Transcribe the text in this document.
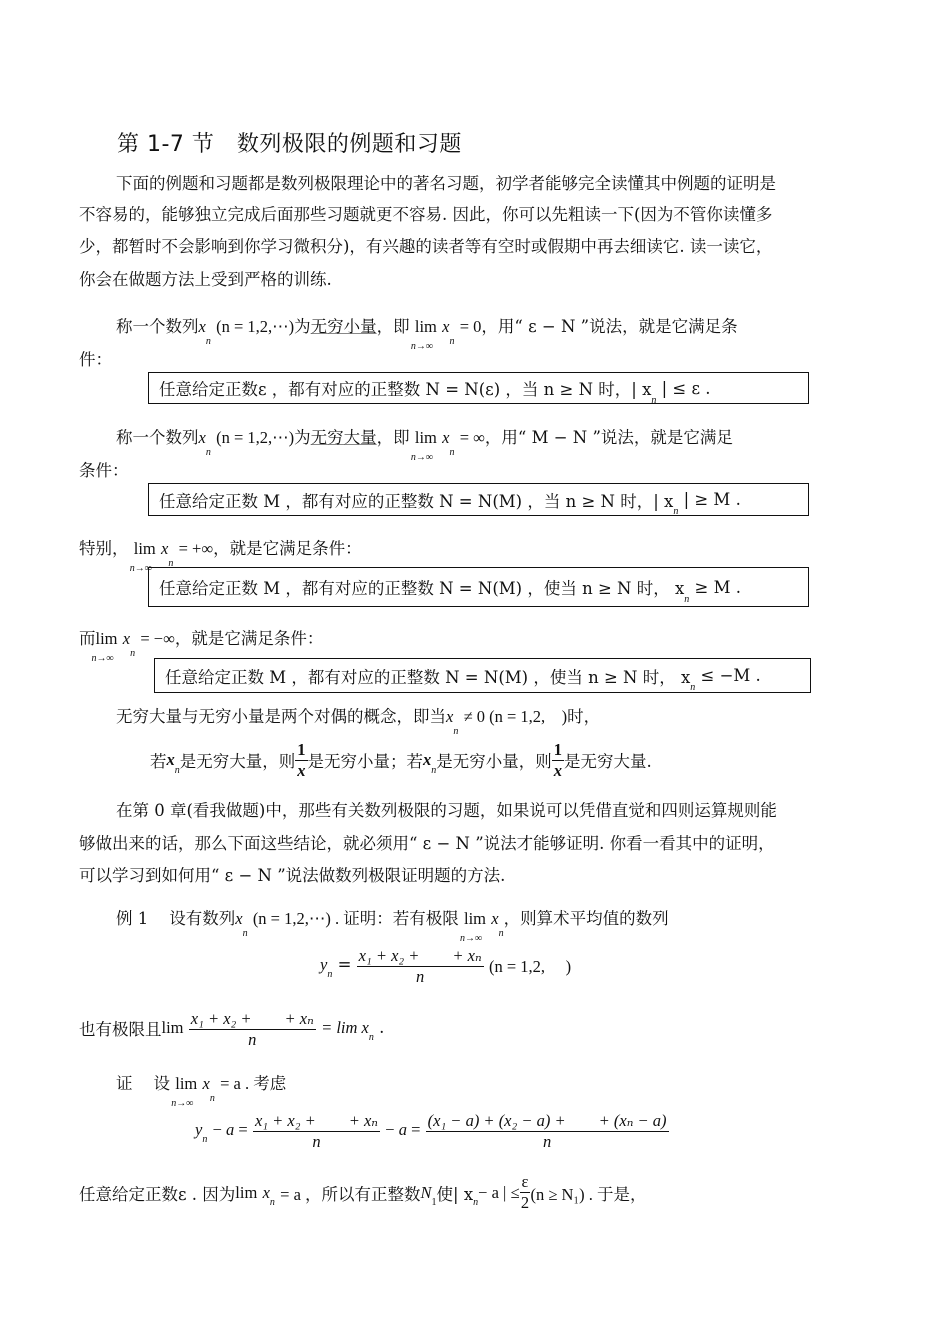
第 1-7 节　数列极限的例题和习题
下面的例题和习题都是数列极限理论中的著名习题，初学者能够完全读懂其中例题的证明是
不容易的，能够独立完成后面那些习题就更不容易. 因此，你可以先粗读一下(因为不管你读懂多
少，都暂时不会影响到你学习微积分)，有兴趣的读者等有空时或假期中再去细读它. 读一读它，
你会在做题方法上受到严格的训练.
称一个数列$x_n$ (n = 1,2,⋯)为无穷小量，即 lim
n→∞
$x_n = 0$，用“ ε − N ”说法，就是它满足条
件：
任意给定正数ε ，都有对应的正整数 N = N(ε) ，当 n ≥ N 时，| x
n

| ≤ ε .
称一个数列$x_n$ (n = 1,2,⋯)为无穷大量，即 lim
n→∞
$x_n$ = ∞，用“ M − N ”说法，就是它满足
条件：
任意给定正数 M ，都有对应的正整数 N = N(M) ，当 n ≥ N 时，| x
n

| ≥ M .
特别， lim
n→∞
$x_n$ = +∞，就是它满足条件：
任意给定正数 M ，都有对应的正整数 N = N(M) ，使当 n ≥ N 时， x
n

≥ M .
而lim
n→∞
$x_n$ = −∞，就是它满足条件：
任意给定正数 M ，都有对应的正整数 N = N(M) ，使当 n ≥ N 时， x
n

≤ −M .
无穷大量与无穷小量是两个对偶的概念，即当$x_n \ne 0$ (n = 1,2,　)时，
若 x
n 是无穷大量，则 $\frac{1}{x}$ 是无穷小量；若 x
n 是无穷小量，则 $\frac{1}{x}$ 是无穷大量.
在第 0 章(看我做题)中，那些有关数列极限的习题，如果说可以凭借直觉和四则运算规则能
够做出来的话，那么下面这些结论，就必须用“ ε − N ”说法才能够证明. 你看一看其中的证明，
可以学习到如何用“ ε − N ”说法做数列极限证明题的方法.
例 1 设有数列$x_n$ (n = 1,2,⋯) . 证明：若有极限 lim
n→∞
$x_n$，则算术平均值的数列
y
n
= $\frac{\text{x₁ + x₂ +　　+ xₙ}}{n}$
(n = 1,2,　 )
也有极限且 lim
$\frac{\text{x₁ + x₂ +　　+ xₙ}}{n}$
= lim x
n
.
证 设 lim
n→∞
$x_n = a$ . 考虑
y
n

− a =
$\frac{\text{x₁ + x₂ +　　+ xₙ}}{n}$
− a =
$\frac{\text{(x₁ − a) + (x₂ − a) +　　+ (xₙ − a)}}{n}$
任意给定正数ε . 因为 lim
x
n
= a ，所以有正整数 N
1 使| x n
− a | ≤ $\frac{\varepsilon}{2} (n \ge N_1)$ . 于是，
